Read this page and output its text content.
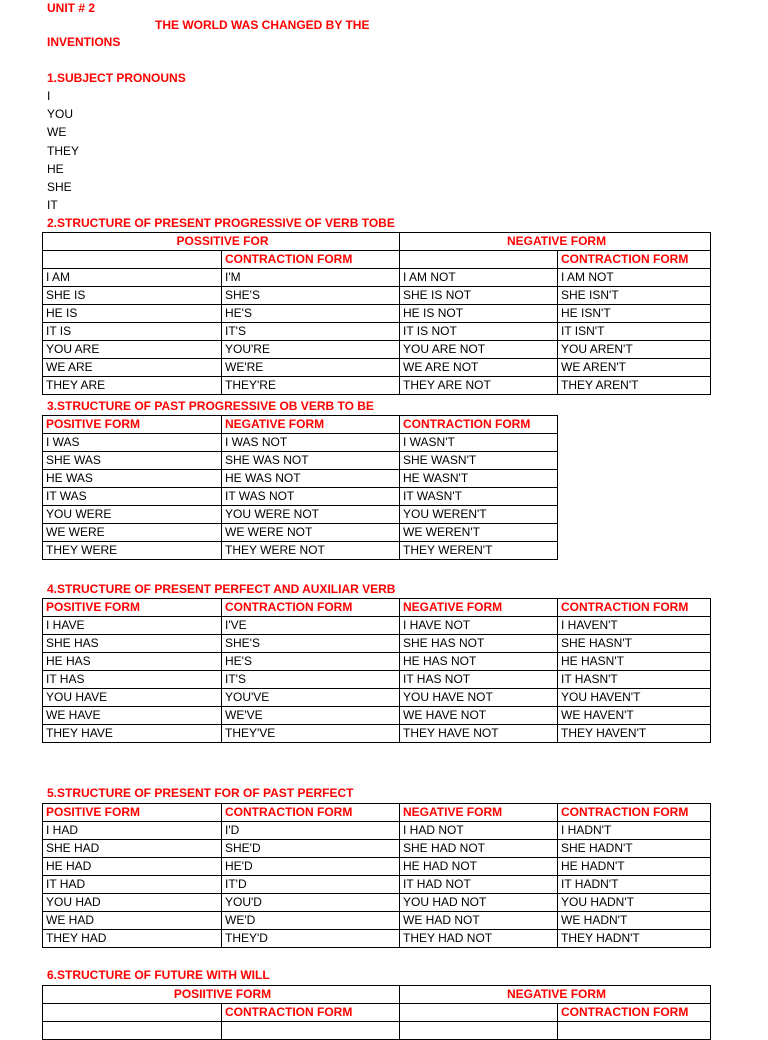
UNIT # 2
THE WORLD WAS CHANGED BY THE
INVENTIONS
1.SUBJECT PRONOUNS
I
YOU
WE
THEY
HE
SHE
IT
2.STRUCTURE OF PRESENT PROGRESSIVE OF VERB TOBE
POSSITIVE FOR		NEGATIVE FORM	
	CONTRACTION FORM		CONTRACTION FORM
I AM	I'M	I AM NOT	I AM NOT
SHE IS	SHE'S	SHE IS NOT	SHE ISN'T
HE IS	HE'S	HE IS NOT	HE ISN'T
IT IS	IT'S	IT IS NOT	IT ISN'T
YOU ARE	YOU'RE	YOU ARE NOT	YOU AREN'T
WE ARE	WE'RE	WE ARE NOT	WE AREN'T
THEY ARE	THEY'RE	THEY ARE NOT	THEY AREN'T
3.STRUCTURE OF PAST PROGRESSIVE OB VERB TO BE
POSITIVE FORM	NEGATIVE FORM	CONTRACTION FORM
I WAS	I WAS NOT	I WASN'T
SHE WAS	SHE WAS NOT	SHE WASN'T
HE WAS	HE WAS NOT	HE WASN'T
IT WAS	IT WAS NOT	IT WASN'T
YOU WERE	YOU WERE NOT	YOU WEREN'T
WE WERE	WE WERE NOT	WE WEREN'T
THEY WERE	THEY WERE NOT	THEY WEREN'T
4.STRUCTURE OF PRESENT PERFECT AND AUXILIAR VERB
POSITIVE FORM	CONTRACTION FORM	NEGATIVE FORM	CONTRACTION FORM
I HAVE	I'VE	I HAVE NOT	I HAVEN'T
SHE HAS	SHE'S	SHE HAS NOT	SHE HASN'T
HE HAS	HE'S	HE HAS NOT	HE HASN'T
IT HAS	IT'S	IT HAS NOT	IT HASN'T
YOU HAVE	YOU'VE	YOU HAVE NOT	YOU HAVEN'T
WE HAVE	WE'VE	WE HAVE NOT	WE HAVEN'T
THEY HAVE	THEY'VE	THEY HAVE NOT	THEY HAVEN'T
5.STRUCTURE OF PRESENT FOR OF PAST PERFECT
POSITIVE FORM	CONTRACTION FORM	NEGATIVE FORM	CONTRACTION FORM
I HAD	I'D	I HAD NOT	I HADN'T
SHE HAD	SHE'D	SHE HAD NOT	SHE HADN'T
HE HAD	HE'D	HE HAD NOT	HE HADN'T
IT HAD	IT'D	IT HAD NOT	IT HADN'T
YOU HAD	YOU'D	YOU HAD NOT	YOU HADN'T
WE HAD	WE'D	WE HAD NOT	WE HADN'T
THEY HAD	THEY'D	THEY HAD NOT	THEY HADN'T
6.STRUCTURE OF FUTURE WITH WILL
POSIITIVE FORM		NEGATIVE FORM	
	CONTRACTION FORM		CONTRACTION FORM
